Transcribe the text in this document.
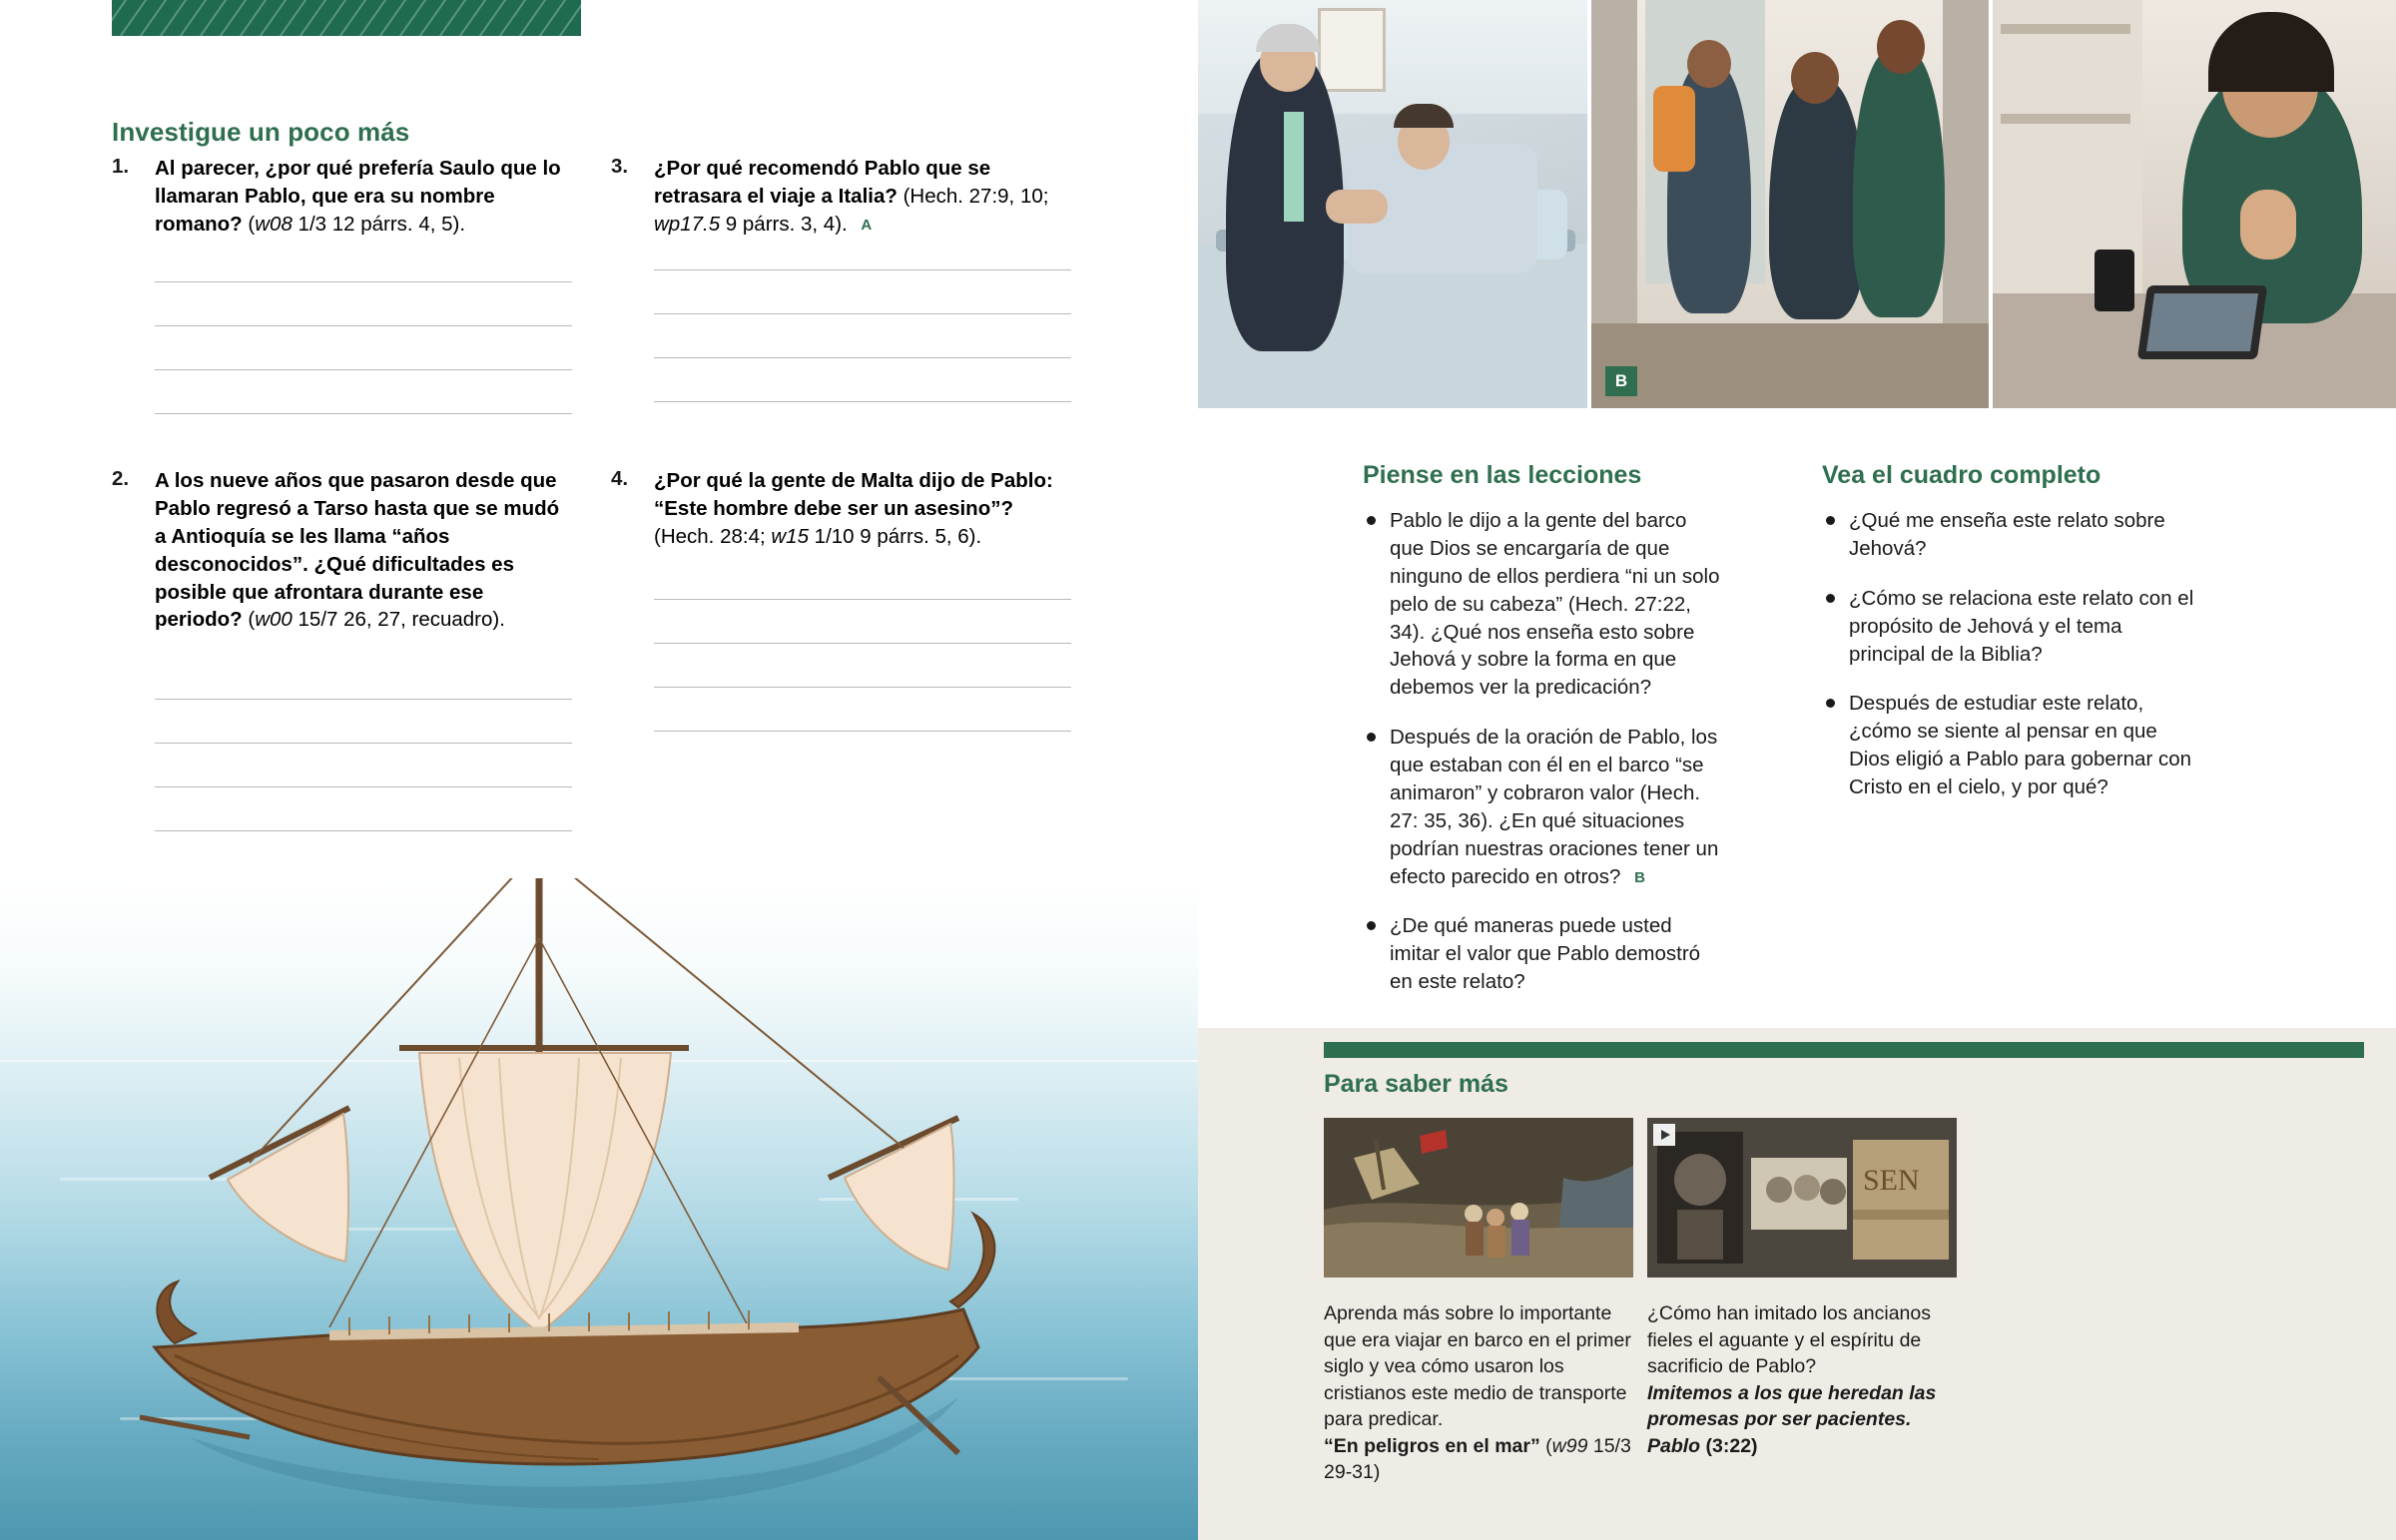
Investigue un poco más
1. Al parecer, ¿por qué prefería Saulo que lo llamaran Pablo, que era su nombre romano? (w08 1/3 12 párrs. 4, 5).
2. A los nueve años que pasaron desde que Pablo regresó a Tarso hasta que se mudó a Antioquía se les llama “años desconocidos”. ¿Qué dificultades es posible que afrontara durante ese periodo? (w00 15/7 26, 27, recuadro).
3. ¿Por qué recomendó Pablo que se retrasara el viaje a Italia? (Hech. 27:9, 10; wp17.5 9 párrs. 3, 4). A
4. ¿Por qué la gente de Malta dijo de Pablo: “Este hombre debe ser un asesino”? (Hech. 28:4; w15 1/10 9 párrs. 5, 6).

B
Piense en las lecciones
Pablo le dijo a la gente del barco que Dios se encargaría de que ninguno de ellos perdiera “ni un solo pelo de su cabeza” (Hech. 27:22, 34). ¿Qué nos enseña esto sobre Jehová y sobre la forma en que debemos ver la predicación?
Después de la oración de Pablo, los que estaban con él en el barco “se animaron” y cobraron valor (Hech. 27: 35, 36). ¿En qué situaciones podrían nuestras oraciones tener un efecto parecido en otros? B
¿De qué maneras puede usted imitar el valor que Pablo demostró en este relato?
Vea el cuadro completo
¿Qué me enseña este relato sobre Jehová?
¿Cómo se relaciona este relato con el propósito de Jehová y el tema principal de la Biblia?
Después de estudiar este relato, ¿cómo se siente al pensar en que Dios eligió a Pablo para gobernar con Cristo en el cielo, y por qué?
Para saber más
SEN

Aprenda más sobre lo importante que era viajar en barco en el primer siglo y vea cómo usaron los cristianos este medio de transporte para predicar.
“En peligros en el mar” (w99 15/3 29-31)

¿Cómo han imitado los ancianos fieles el aguante y el espíritu de sacrificio de Pablo?
Imitemos a los que heredan las promesas por ser pacientes. Pablo (3:22)
